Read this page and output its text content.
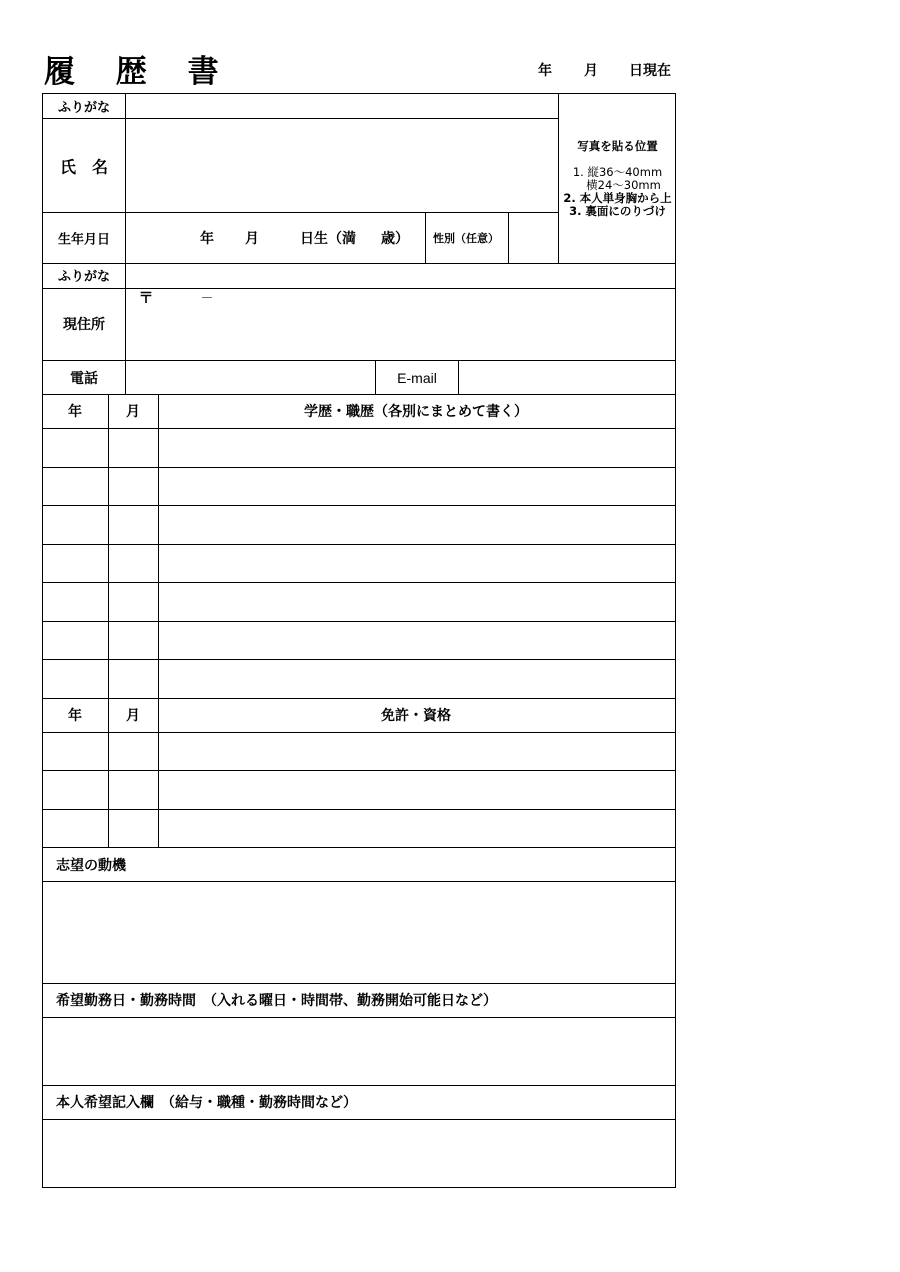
履 歴 書	年 月 日現在
ふりがな
氏　名
生年月日	年 月	日生（満 歳） 性別（任意）
ふりがな
現住所
〒	－
電話	E-mail
写真を貼る位置
1. 縦36〜40mm
横24〜30mm
2. 本人単身胸から上
3. 裏面にのりづけ
年	月	学歴・職歴（各別にまとめて書く）
年	月	免許・資格
志望の動機
希望勤務日・勤務時間　（入れる曜日・時間帯、勤務開始可能日など）
本人希望記入欄　（給与・職種・勤務時間など）
